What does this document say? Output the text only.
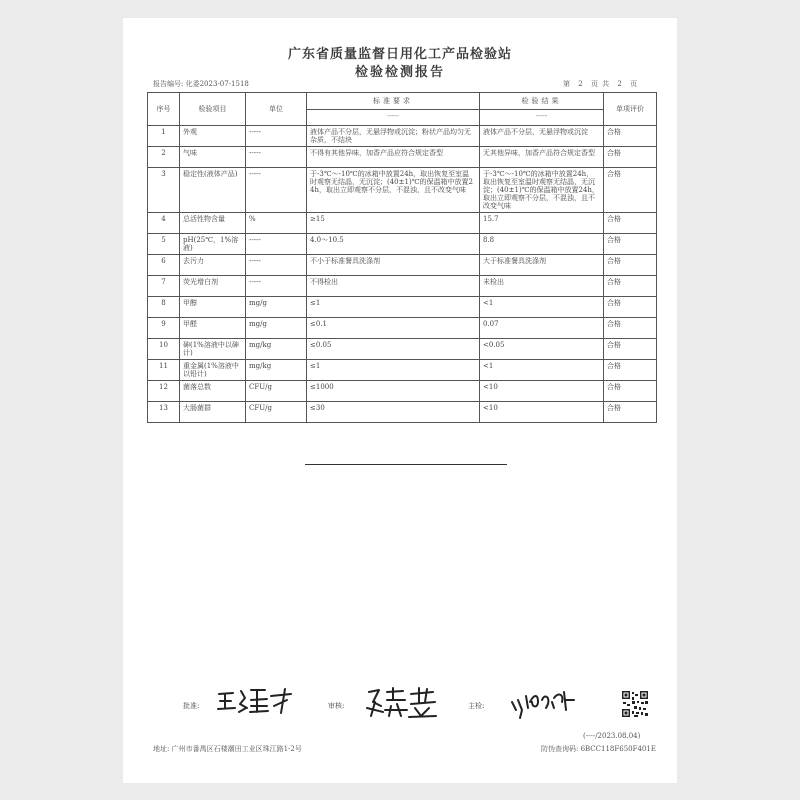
广东省质量监督日用化工产品检验站
检验检测报告
报告编号: 化委2023-07-1518	第 2 页 共 2 页
序号	检验项目	单位	标准要求	检验结果	单项评价
			-----	-----	
1	外观	-----	液体产品不分层，无悬浮物或沉淀；粉状产品均匀无杂质，不结块	液体产品不分层，无悬浮物或沉淀	合格
2	气味	-----	不得有其他异味，加香产品应符合规定香型	无其他异味，加香产品符合规定香型	合格
3	稳定性(液体产品)	-----	于-3℃～-10℃的冰箱中放置24h，取出恢复至室温时观察无结晶，无沉淀；(40±1)℃的保温箱中放置24h，取出立即观察不分层，不混浊，且不改变气味	于-3℃～-10℃的冰箱中放置24h，取出恢复至室温时观察无结晶，无沉淀；(40±1)℃的保温箱中放置24h，取出立即观察不分层，不混浊，且不改变气味	合格
4	总活性物含量	%	≥15	15.7	合格
5	pH(25℃，1%溶液)	-----	4.0～10.5	8.8	合格
6	去污力	-----	不小于标准餐具洗涤剂	大于标准餐具洗涤剂	合格
7	荧光增白剂	-----	不得检出	未检出	合格
8	甲醇	mg/g	≤1	<1	合格
9	甲醛	mg/g	≤0.1	0.07	合格
10	砷(1%溶液中以砷计)	mg/kg	≤0.05	<0.05	合格
11	重金属(1%溶液中以铅计)	mg/kg	≤1	<1	合格
12	菌落总数	CFU/g	≤1000	<10	合格
13	大肠菌群	CFU/g	≤30	<10	合格
批准:	审核:	主检:
(----/2023.08.04)
地址: 广州市番禺区石楼潮田工业区珠江路1-2号	防伪查询码: 6BCC118F650F401E
